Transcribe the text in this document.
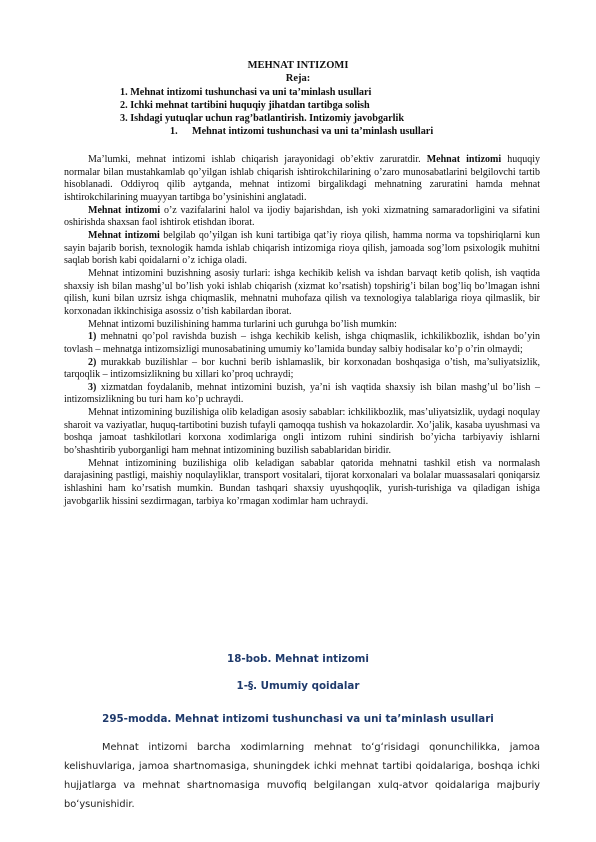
MEHNAT INTIZOMI
Reja:
1. Mehnat intizomi tushunchasi va uni ta’minlash usullari
2. Ichki mehnat tartibini huquqiy jihatdan tartibga solish
3. Ishdagi yutuqlar uchun rag’batlantirish. Intizomiy javobgarlik
1. Mehnat intizomi tushunchasi va uni ta’minlash usullari

Ma’lumki, mehnat intizomi ishlab chiqarish jarayonidagi ob’ektiv zaruratdir. Mehnat intizomi huquqiy normalar bilan mustahkamlab qo’yilgan ishlab chiqarish ishtirokchilarining o’zaro munosabatlarini belgilovchi tartib hisoblanadi. Oddiyroq qilib aytganda, mehnat intizomi birgalikdagi mehnatning zaruratini hamda mehnat ishtirokchilarining muayyan tartibga bo’ysinishini anglatadi.

Mehnat intizomi o’z vazifalarini halol va ijodiy bajarishdan, ish yoki xizmatning samaradorligini va sifatini oshirishda shaxsan faol ishtirok etishdan iborat.

Mehnat intizomi belgilab qo’yilgan ish kuni tartibiga qat’iy rioya qilish, hamma norma va topshiriqlarni kun sayin bajarib borish, texnologik hamda ishlab chiqarish intizomiga rioya qilish, jamoada sog’lom psixologik muhitni saqlab borish kabi qoidalarni o’z ichiga oladi.

Mehnat intizomini buzishning asosiy turlari: ishga kechikib kelish va ishdan barvaqt ketib qolish, ish vaqtida shaxsiy ish bilan mashg’ul bo’lish yoki ishlab chiqarish (xizmat ko’rsatish) topshirig’i bilan bog’liq bo’lmagan ishni qilish, kuni bilan uzrsiz ishga chiqmaslik, mehnatni muhofaza qilish va texnologiya talablariga rioya qilmaslik, bir korxonadan ikkinchisiga asossiz o’tish kabilardan iborat.

Mehnat intizomi buzilishining hamma turlarini uch guruhga bo’lish mumkin:

1) mehnatni qo’pol ravishda buzish – ishga kechikib kelish, ishga chiqmaslik, ichkilikbozlik, ishdan bo’yin tovlash – mehnatga intizomsizligi munosabatining umumiy ko’lamida bunday salbiy hodisalar ko’p o’rin olmaydi;

2) murakkab buzilishlar – bor kuchni berib ishlamaslik, bir korxonadan boshqasiga o’tish, ma’suliyatsizlik, tarqoqlik – intizomsizlikning bu xillari ko’proq uchraydi;

3) xizmatdan foydalanib, mehnat intizomini buzish, ya’ni ish vaqtida shaxsiy ish bilan mashg’ul bo’lish – intizomsizlikning bu turi ham ko’p uchraydi.

Mehnat intizomining buzilishiga olib keladigan asosiy sabablar: ichkilikbozlik, mas’uliyatsizlik, uydagi noqulay sharoit va vaziyatlar, huquq-tartibotini buzish tufayli qamoqqa tushish va hokazolardir. Xo’jalik, kasaba uyushmasi va boshqa jamoat tashkilotlari korxona xodimlariga ongli intizom ruhini sindirish bo’yicha tarbiyaviy ishlarni bo’shashtirib yuborganligi ham mehnat intizomining buzilish sabablaridan biridir.

Mehnat intizomining buzilishiga olib keladigan sabablar qatorida mehnatni tashkil etish va normalash darajasining pastligi, maishiy noqulayliklar, transport vositalari, tijorat korxonalari va bolalar muassasalari qoniqarsiz ishlashini ham ko’rsatish mumkin. Bundan tashqari shaxsiy uyushqoqlik, yurish-turishiga va qiladigan ishiga javobgarlik hissini sezdirmagan, tarbiya ko’rmagan xodimlar ham uchraydi.

18-bob. Mehnat intizomi
1-§. Umumiy qoidalar
295-modda. Mehnat intizomi tushunchasi va uni ta’minlash usullari
Mehnat intizomi barcha xodimlarning mehnat toʻgʻrisidagi qonunchilikka, jamoa kelishuvlariga, jamoa shartnomasiga, shuningdek ichki mehnat tartibi qoidalariga, boshqa ichki hujjatlarga va mehnat shartnomasiga muvofiq belgilangan xulq-atvor qoidalariga majburiy boʻysunishidir.
